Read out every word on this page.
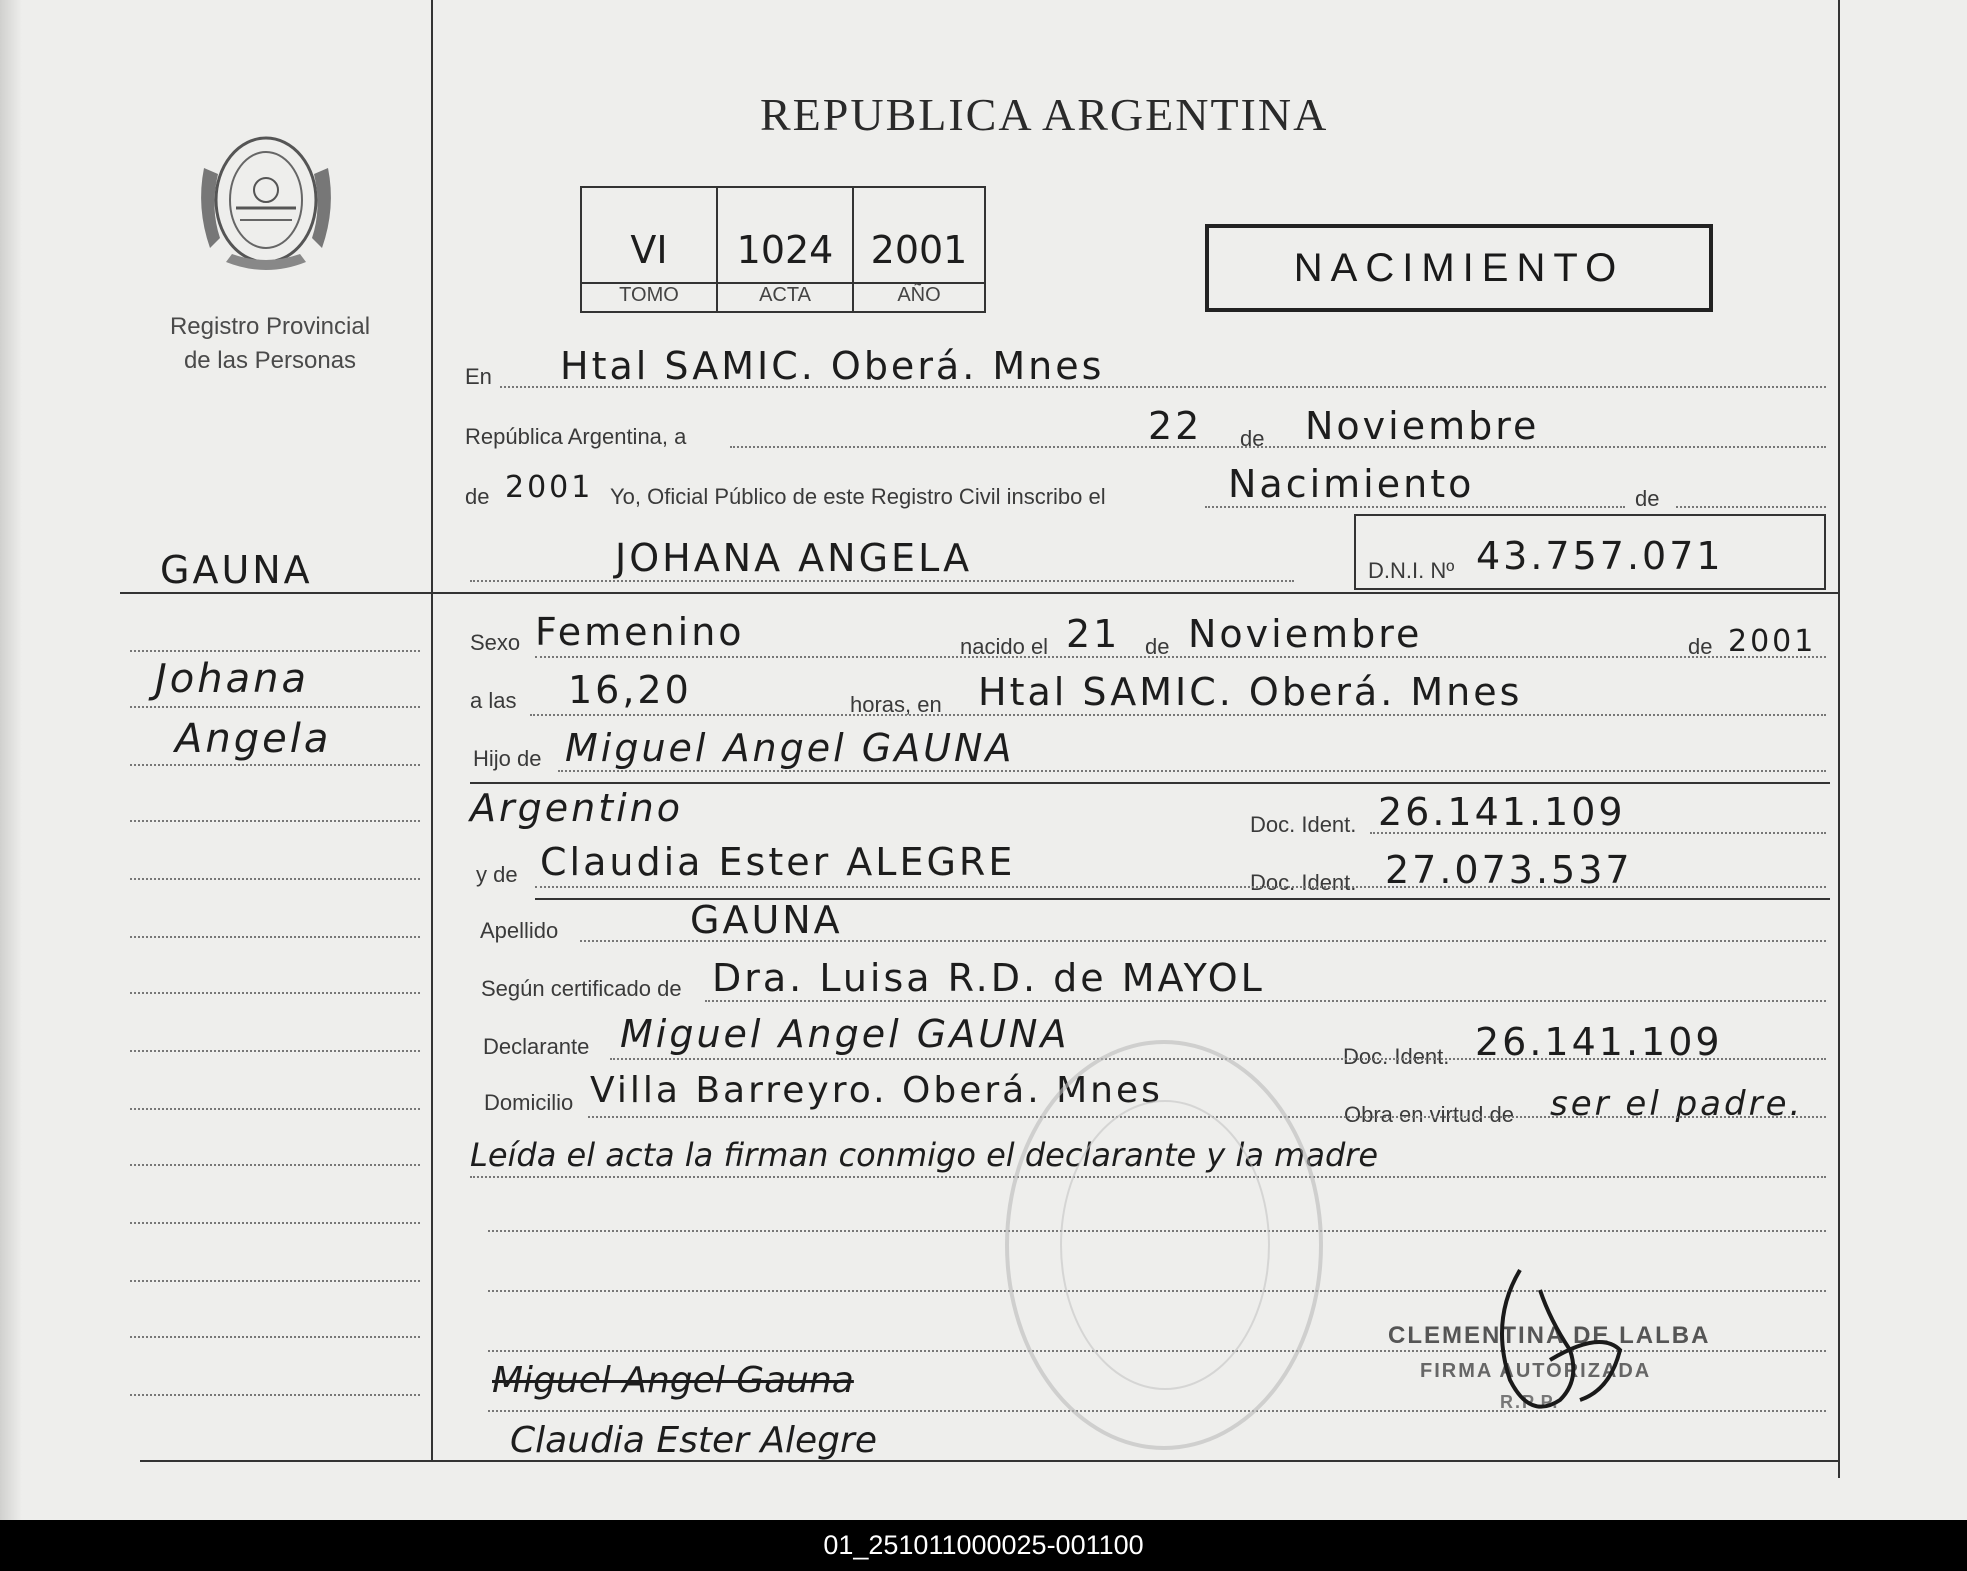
REPUBLICA ARGENTINA
Registro Provincial
de las Personas
VI
TOMO
1024
ACTA
2001
AÑO
NACIMIENTO
GAUNA
Johana
Angela
En Htal SAMIC. Oberá. Mnes
República Argentina, a	22 de Noviembre
de 2001 Yo, Oficial Público de este Registro Civil inscribo el	Nacimiento	de
JOHANA ANGELA	D.N.I. Nº 43.757.071
Sexo Femenino	nacido el 21 de Noviembre	de 2001
a las 16,20	horas, en Htal SAMIC. Oberá. Mnes
Hijo de Miguel Angel GAUNA
Argentino	Doc. Ident. 26.141.109
y de Claudia Ester ALEGRE	Doc. Ident. 27.073.537
Apellido	GAUNA
Según certificado de Dra. Luisa R.D. de MAYOL
Declarante Miguel Angel GAUNA
Doc. Ident. 26.141.109
Domicilio Villa Barreyro. Oberá. Mnes
Obra en virtud de ser el padre.
Leída el acta la firman conmigo el declarante y la madre
Miguel Angel Gauna
Claudia Ester Alegre
CLEMENTINA DE LALBA
FIRMA AUTORIZADA
R.P.P.
01_251011000025-001100
